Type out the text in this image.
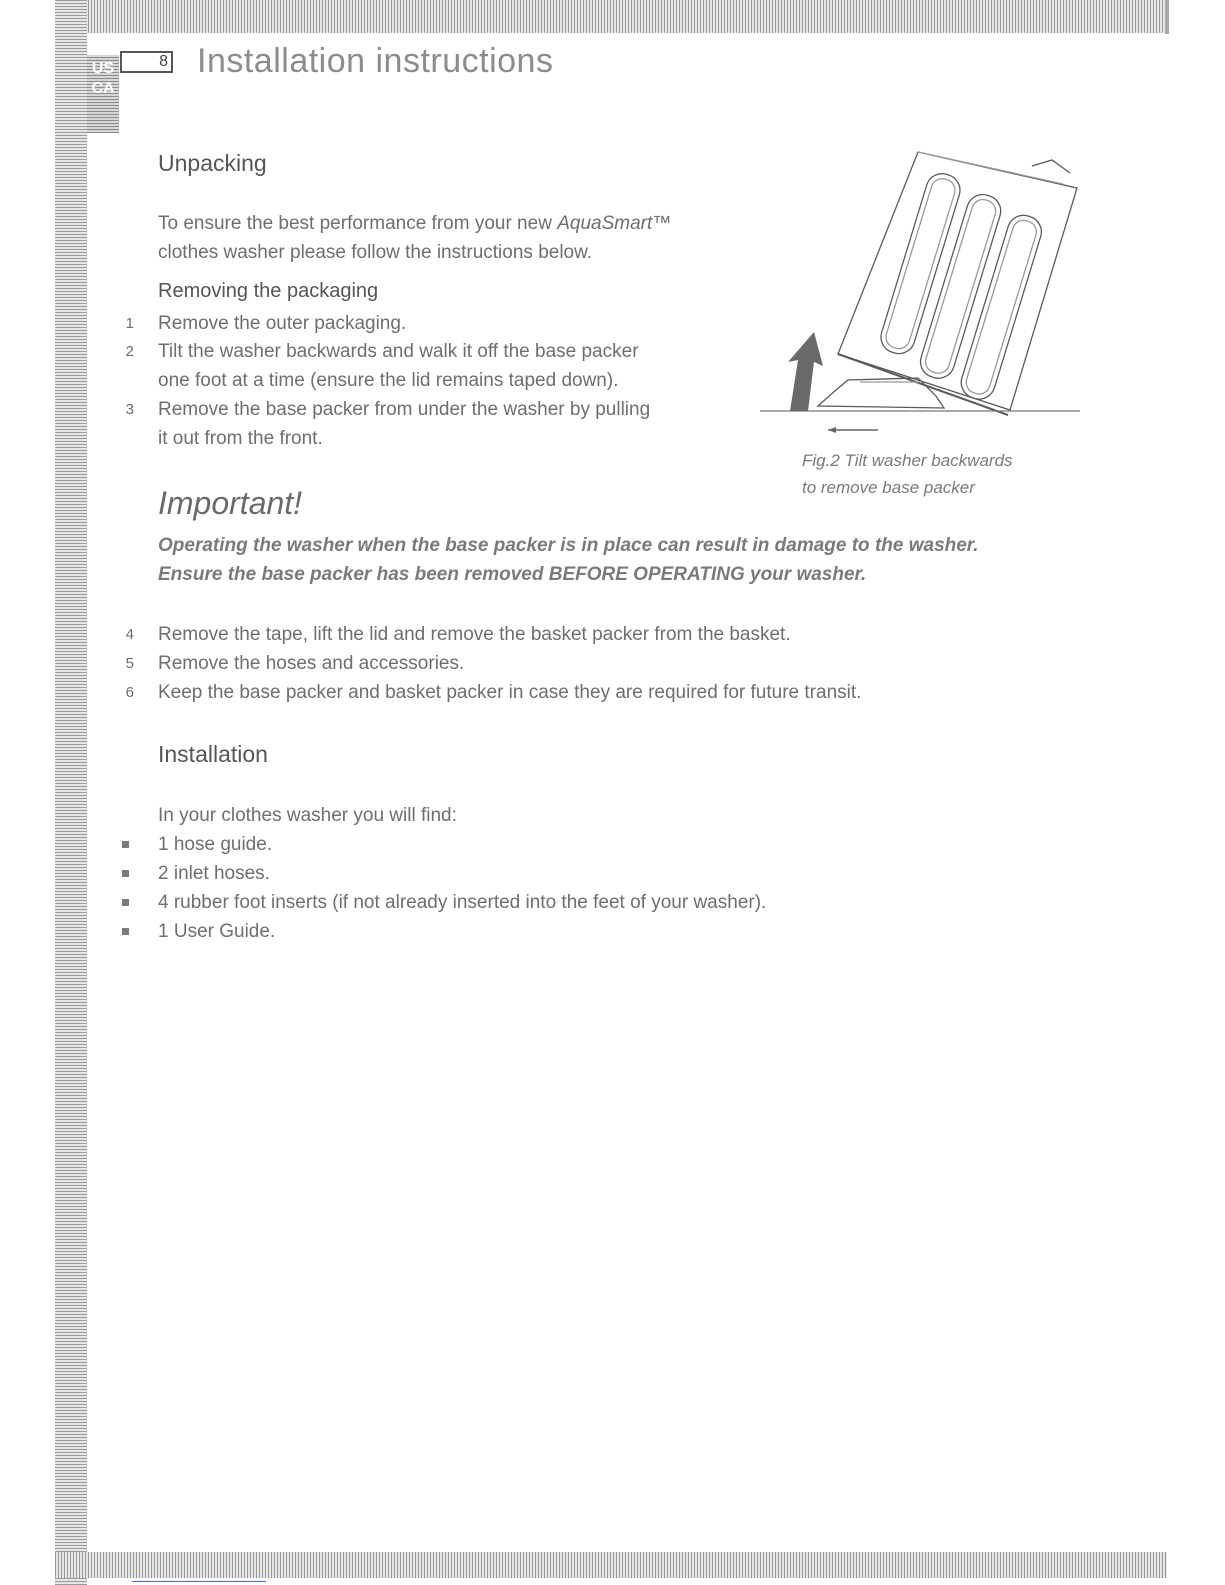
US CA
8 Installation instructions
Unpacking

To ensure the best performance from your new AquaSmart™

clothes washer please follow the instructions below.

Removing the packaging

1 Remove the outer packaging.
2 Tilt the washer backwards and walk it off the base packer
one foot at a time (ensure the lid remains taped down).
3 Remove the base packer from under the washer by pulling
it out from the front.
Fig.2 Tilt washer backwards
to remove base packer
Important!
Operating the washer when the base packer is in place can result in damage to the washer.
Ensure the base packer has been removed BEFORE OPERATING your washer.
4 Remove the tape, lift the lid and remove the basket packer from the basket.
5 Remove the hoses and accessories.
6 Keep the base packer and basket packer in case they are required for future transit.
Installation

In your clothes washer you will find:

1 hose guide.
2 inlet hoses.
4 rubber foot inserts (if not already inserted into the feet of your washer).
1 User Guide.
